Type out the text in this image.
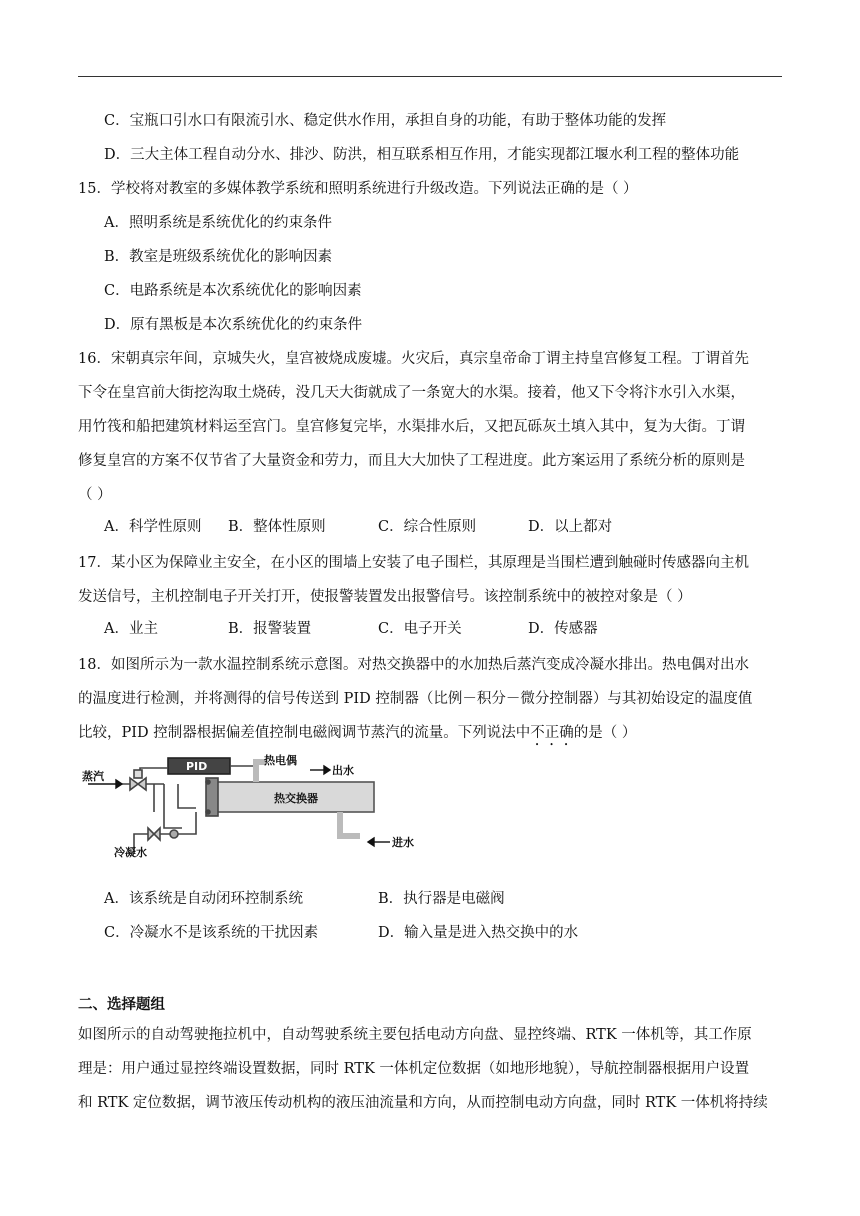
C．宝瓶口引水口有限流引水、稳定供水作用，承担自身的功能，有助于整体功能的发挥
D．三大主体工程自动分水、排沙、防洪，相互联系相互作用，才能实现都江堰水利工程的整体功能
15．学校将对教室的多媒体教学系统和照明系统进行升级改造。下列说法正确的是（ ）
A．照明系统是系统优化的约束条件
B．教室是班级系统优化的影响因素
C．电路系统是本次系统优化的影响因素
D．原有黑板是本次系统优化的约束条件
16．宋朝真宗年间，京城失火，皇宫被烧成废墟。火灾后，真宗皇帝命丁谓主持皇宫修复工程。丁谓首先
下令在皇宫前大街挖沟取土烧砖，没几天大街就成了一条宽大的水渠。接着，他又下令将汴水引入水渠，
用竹筏和船把建筑材料运至宫门。皇宫修复完毕，水渠排水后，又把瓦砾灰土填入其中，复为大街。丁谓
修复皇宫的方案不仅节省了大量资金和劳力，而且大大加快了工程进度。此方案运用了系统分析的原则是
（ ）
A．科学性原则 B．整体性原则	C．综合性原则	D．以上都对
17．某小区为保障业主安全，在小区的围墙上安装了电子围栏，其原理是当围栏遭到触碰时传感器向主机
发送信号，主机控制电子开关打开，使报警装置发出报警信号。该控制系统中的被控对象是（ ）
A．业主	B．报警装置	C．电子开关	D．传感器
18．如图所示为一款水温控制系统示意图。对热交换器中的水加热后蒸汽变成冷凝水排出。热电偶对出水
的温度进行检测，并将测得的信号传送到 PID 控制器（比例－积分－微分控制器）与其初始设定的温度值
比较，PID 控制器根据偏差值控制电磁阀调节蒸汽的流量。下列说法中不正确的是（ ）
PID	热电偶
出水
蒸汽
热交换器
进水
冷凝水
A．该系统是自动闭环控制系统	B．执行器是电磁阀
C．冷凝水不是该系统的干扰因素	D．输入量是进入热交换中的水
二、选择题组
如图所示的自动驾驶拖拉机中，自动驾驶系统主要包括电动方向盘、显控终端、RTK 一体机等，其工作原
理是：用户通过显控终端设置数据，同时 RTK 一体机定位数据（如地形地貌），导航控制器根据用户设置
和 RTK 定位数据，调节液压传动机构的液压油流量和方向，从而控制电动方向盘，同时 RTK 一体机将持续
